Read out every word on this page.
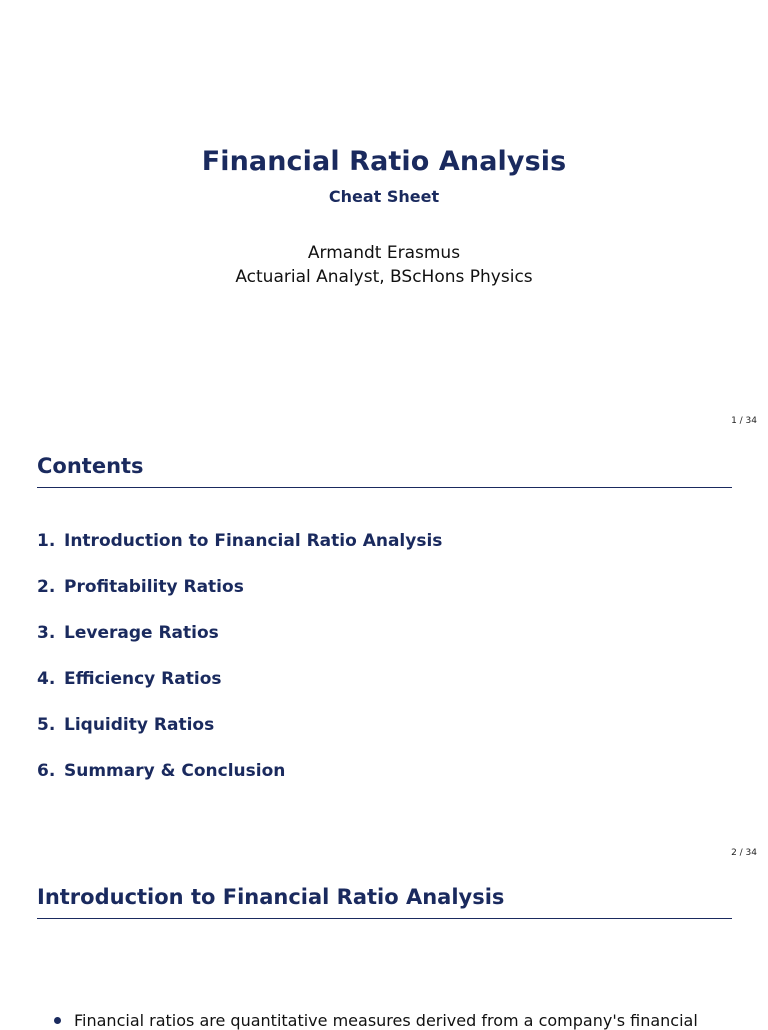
Financial Ratio Analysis
Cheat Sheet
Armandt Erasmus
Actuarial Analyst, BScHons Physics
1 / 34
Contents
1. Introduction to Financial Ratio Analysis
2. Profitability Ratios
3. Leverage Ratios
4. Efficiency Ratios
5. Liquidity Ratios
6. Summary & Conclusion
2 / 34
Introduction to Financial Ratio Analysis
Financial ratios are quantitative measures derived from a company's financial
